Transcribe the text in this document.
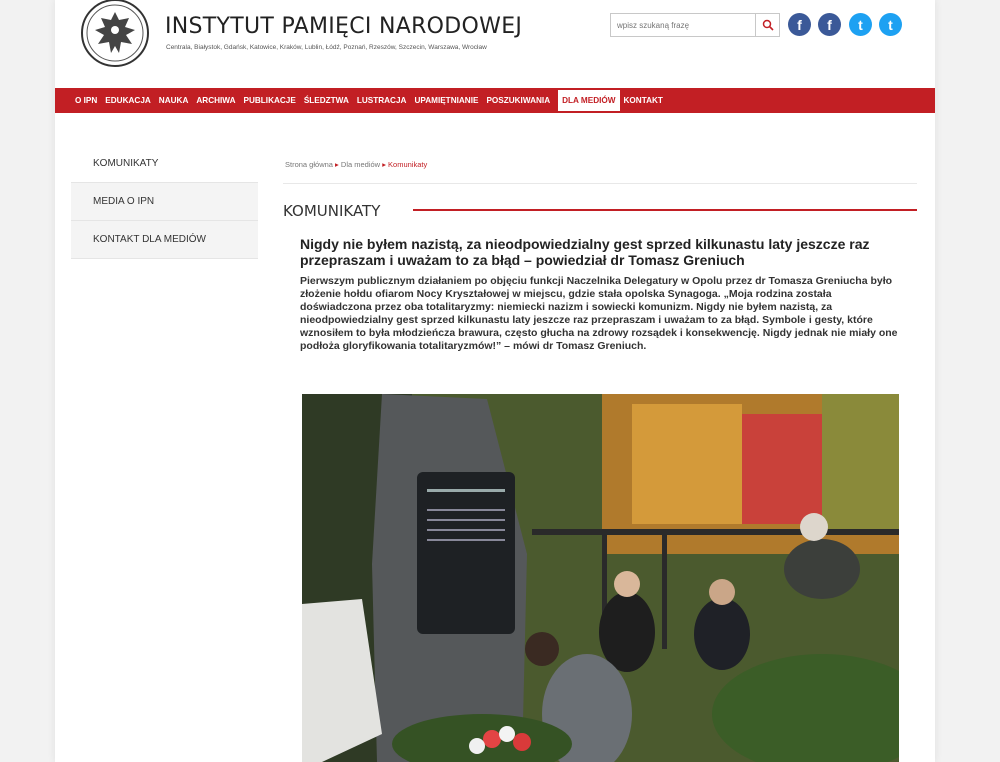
INSTYTUT PAMIĘCI NARODOWEJ
Centrala, Białystok, Gdańsk, Katowice, Kraków, Lublin, Łódź, Poznań, Rzeszów, Szczecin, Warszawa, Wrocław
wpisz szukaną frazę
f f t t
O IPN EDUKACJA NAUKA ARCHIWA PUBLIKACJE ŚLEDZTWA LUSTRACJA UPAMIĘTNIANIE POSZUKIWANIA	DLA MEDIÓW KONTAKT
KOMUNIKATY
MEDIA O IPN
KONTAKT DLA MEDIÓW
Strona główna ▸ Dla mediów ▸ Komunikaty
KOMUNIKATY
Nigdy nie byłem nazistą, za nieodpowiedzialny gest sprzed kilkunastu laty jeszcze raz przepraszam i uważam to za błąd – powiedział dr Tomasz Greniuch
Pierwszym publicznym działaniem po objęciu funkcji Naczelnika Delegatury w Opolu przez dr Tomasza Greniucha było złożenie hołdu ofiarom Nocy Kryształowej w miejscu, gdzie stała opolska Synagoga. „Moja rodzina została doświadczona przez oba totalitaryzmy: niemiecki nazizm i sowiecki komunizm. Nigdy nie byłem nazistą, za nieodpowiedzialny gest sprzed kilkunastu laty jeszcze raz przepraszam i uważam to za błąd. Symbole i gesty, które wznosiłem to była młodzieńcza brawura, często głucha na zdrowy rozsądek i konsekwencję. Nigdy jednak nie miały one podłoża gloryfikowania totalitaryzmów!” – mówi dr Tomasz Greniuch.
